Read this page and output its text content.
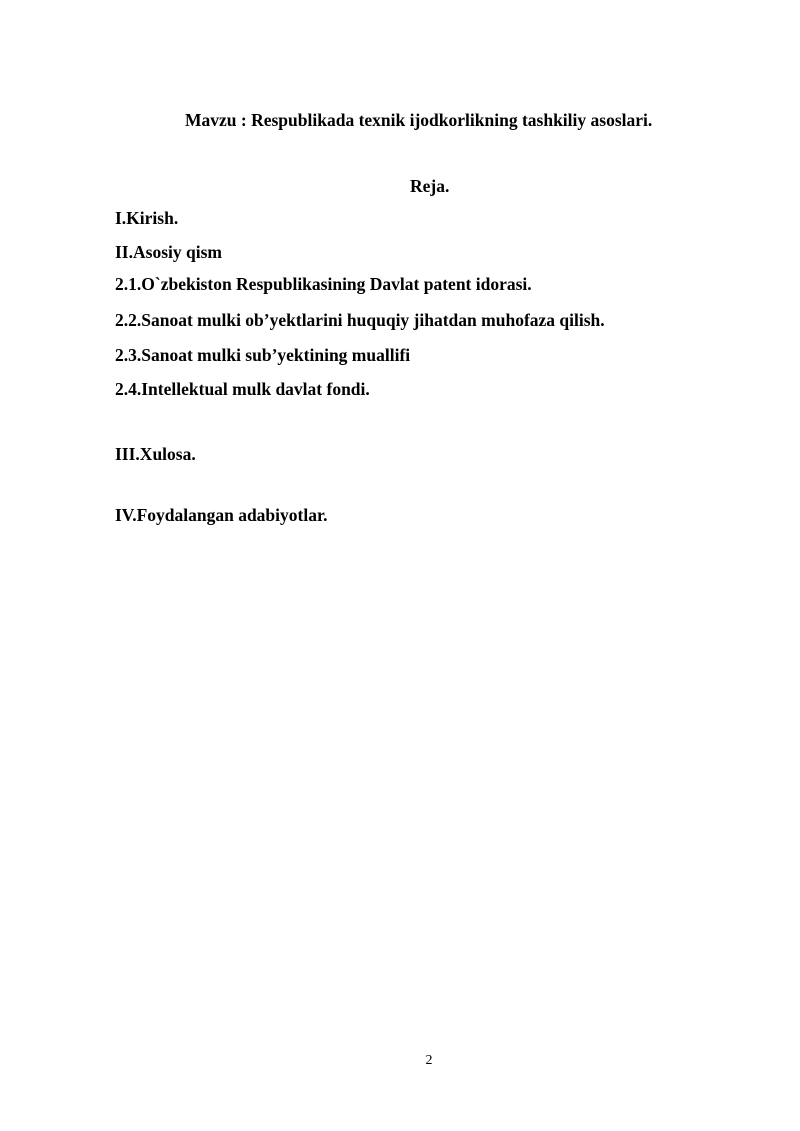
Mavzu : Respublikada texnik ijodkorlikning tashkiliy asoslari.
Reja.
I.Kirish.
II.Asosiy qism
2.1.O`zbekiston Respublikasining Davlat patent idorasi.
2.2.Sanoat mulki ob’yektlarini huquqiy jihatdan muhofaza qilish.
2.3.Sanoat mulki sub’yektining muallifi
2.4.Intellektual mulk davlat fondi.
III.Xulosa.
IV.Foydalangan adabiyotlar.
2
